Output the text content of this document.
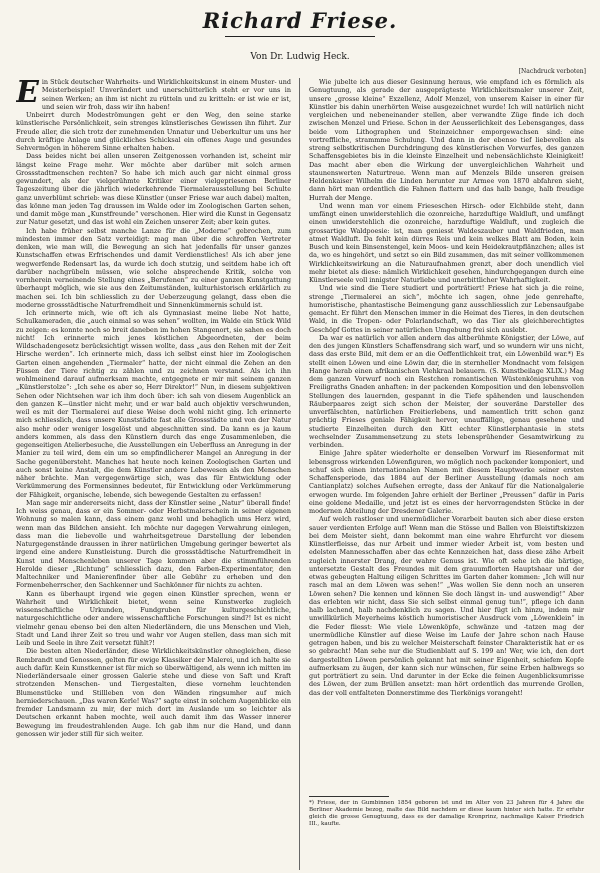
Richard Friese.
Von Dr. Ludwig Heck.
[Nachdruck verboten]

Ein Stück deutscher Wahrheits- und Wirklichkeitskunst in einem Muster- und Meisterbeispiel! Unverändert und unerschütterlich steht er vor uns in seinen Werken; an ihm ist nicht zu rütteln und zu kritteln: er ist wie er ist, und seien wir froh, dass wir ihn haben!

Unbeirrt durch Modeströmungen geht er den Weg, den seine starke künstlerische Persönlichkeit, sein strenges künstlerisches Gewissen ihn führt. Zur Freude aller, die sich trotz der zunehmenden Unnatur und Ueberkultur um uns her durch kräftige Anlage und glückliches Schicksal ein offenes Auge und gesundes Sehvermögen in höherem Sinne erhalten haben.

Dass beides nicht bei allen unseren Zeitgenossen vorhanden ist, scheint mir längst keine Frage mehr. Wer möchte aber darüber mit solch armen Grossstadtmenschen rechten? So habe ich mich auch gar nicht einmal gross gewundert, als der vielgerühmte Kritiker einer vielgepriesenen Berliner Tageszeitung über die jährlich wiederkehrende Tiermalerausstellung bei Schulte ganz unverblümt schrieb: was diese Künstler (unser Friese war auch dabei) malten, das könne man jeden Tag draussen im Walde oder im Zoologischen Garten sehen, und damit möge man „Kunstfreunde“ verschonen. Hier wird die Kunst in Gegensatz zur Natur gesetzt, und das ist wohl ein Zeichen unserer Zeit; aber kein gutes.

Ich habe früher selbst manche Lanze für die „Moderne“ gebrochen, zum mindesten immer den Satz verteidigt: mag man über die schroffen Vertreter denken, wie man will, die Bewegung an sich hat jedenfalls für unser ganzes Kunstschaffen etwas Erfrischendes und damit Verdienstliches! Als ich aber jene wegwerfende Redensart las, da wurde ich doch stutzig, und seitdem habe ich oft darüber nachgrübeln müssen, wie solche absprechende Kritik, solche von vornherein verneinende Stellung eines „Berufenen“ zu einer ganzen Kunstgattung überhaupt möglich, wie sie aus den Zeitumständen, kulturhistorisch erklärlich zu machen sei. Ich bin schliesslich zu der Ueberzeugung gelangt, dass eben die moderne grossstädtische Naturfremdheit und Sinnenkümmernis schuld ist.

Ich erinnerte mich, wie oft ich als Gymnasiast meine liebe Not hatte, Schulkameraden, die „auch einmal so was sehen“ wollten, im Walde ein Stück Wild zu zeigen: es konnte noch so breit daneben im hohen Stangenort, sie sahen es doch nicht! Ich erinnerte mich jenes köstlichen Abgeordneten, der beim Wildschadengesetz berücksichtigt wissen wollte, dass „aus den Rehen mit der Zeit Hirsche werden“. Ich erinnerte mich, dass ich selbst einst hier im Zoologischen Garten einen angehenden „Tiermaler“ hatte, der nicht einmal die Zehen an den Füssen der Tiere richtig zu zählen und zu zeichnen verstand. Als ich ihn wohlmeinend darauf aufmerksam machte, entgegnete er mir mit seinem ganzen „Künstlerstolze“: „Ich sehe es aber so, Herr Direktor!“ Nun, in diesem subjektiven Sehen oder Nichtsehen war ich ihm doch über: ich sah von diesem Augenblick an den ganzen K—ünstler nicht mehr, und er war bald auch objektiv verschwunden, weil es mit der Tiermalerei auf diese Weise doch wohl nicht ging. Ich erinnerte mich schliesslich, dass unsere Kunststädte fast alle Grossstädte und von der Natur also mehr oder weniger losgelöst und abgeschnitten sind. Da kann es ja kaum anders kommen, als dass den Künstlern durch das enge Zusammenleben, die gegenseitigen Atelierbesuche, die Ausstellungen ein Ueberfluss an Anregung in der Manier zu teil wird, dem ein um so empfindlicherer Mangel an Anregung in der Sache gegenübersteht. Manches hat heute noch keinen Zoologischen Garten und auch sonst keine Anstalt, die dem Künstler andere Lebewesen als den Menschen näher brächte. Man vergegenwärtige sich, was das für Entwicklung oder Verkümmerung des Formensinnes bedeutet, für Entwicklung oder Verkümmerung der Fähigkeit, organische, lebende, sich bewegende Gestalten zu erfassen!

Man sage mir andererseits nicht, dass der Künstler seine „Natur“ überall finde! Ich weiss genau, dass er ein Sommer- oder Herbstmalerschein in seiner eigenen Wohnung so malen kann, dass einem ganz wohl und behaglich ums Herz wird, wenn man das Bildchen ansieht. Ich möchte nur dagegen Verwahrung einlegen, dass man die liebevolle und wahrheitsgetreue Darstellung der lebenden Naturgegenstände draussen in ihrer natürlichen Umgebung geringer bewertet als irgend eine andere Kunstleistung. Durch die grossstädtische Naturfremdheit in Kunst und Menschenleben unserer Tage kommen aber die stimmführenden Herolde dieser „Richtung“ schliesslich dazu, den Farben-Experimentator, den Maltechniker und Manierenfinder über alle Gebühr zu erheben und den Formenbeherrscher, den Sachkenner und Sachkönner für nichts zu achten.

Kann es überhaupt irgend wie gegen einen Künstler sprechen, wenn er Wahrheit und Wirklichkeit bietet, wenn seine Kunstwerke zugleich wissenschaftliche Urkunden, Fundgruben für kulturgeschichtliche, naturgeschichtliche oder andere wissenschaftliche Forschungen sind?! Ist es nicht vielmehr genau ebenso bei den alten Niederländern, die uns Menschen und Vieh, Stadt und Land ihrer Zeit so treu und wahr vor Augen stellen, dass man sich mit Leib und Seele in ihre Zeit versetzt fühlt?!

Die besten alten Niederländer, diese Wirklichkeitskünstler ohnegleichen, diese Rembrandt und Genossen, gelten für ewige Klassiker der Malerei, und ich halte sie auch dafür. Kein Kunstkenner ist für mich so überwältigend, als wenn ich mitten im Niederländersaale einer grossen Galerie stehe und diese von Saft und Kraft strotzenden Menschen- und Tiergestalten, diese vornehm leuchtenden Blumenstücke und Stillleben von den Wänden ringsumher auf mich herniederschauen. „Das waren Kerle! Was?“ sagte einst in solchem Augenblicke ein fremder Landsmann zu mir, der mich dort im Auslande um so leichter als Deutschen erkannt haben mochte, weil auch damit ihm das Wasser innerer Bewegung im freudestrahlenden Auge. Ich gab ihm nur die Hand, und dann genossen wir jeder still für sich weiter.

Wie jubelte ich aus dieser Gesinnung heraus, wie empfand ich es förmlich als Genugtuung, als gerade der ausgeprägteste Wirklichkeitsmaler unserer Zeit, unsere „grosse kleine“ Exzellenz, Adolf Menzel, von unserem Kaiser in einer für Künstler bis dahin unerhörten Weise ausgezeichnet wurde! Ich will natürlich nicht vergleichen und nebeneinander stellen, aber verwandte Züge finde ich doch zwischen Menzel und Friese. Schon in der Aeusserlichkeit des Lebensganges, dass beide vom Lithographen und Steinzeichner emporgewachsen sind: eine vortreffliche, strammme Schulung. Und dann in der ebenso tief liebevollen als streng selbstkritischen Durchdringung des künstlerischen Vorwurfes, des ganzen Schaffensgebietes bis in die kleinste Einzelheit und nebensächlichste Kleinigkeit! Das macht aber eben die Wirkung der unvergleichlichen Wahrheit und staunenswerten Naturtreue. Wenn man auf Menzels Bilde unseren greisen Heldenkaiser Wilhelm die Linden herunter zur Armee von 1870 abfahren sieht, dann hört man ordentlich die Fahnen flattern und das halb bange, halb freudige Hurrah der Menge.

Und wenn man vor einem Frieseschen Hirsch- oder Elchbilde steht, dann umfängt einen unwiderstehlich die ozonreiche, harzduftige Waldluft, und umfängt einen unwiderstehlich die ozonreiche, harzduftige Waldluft, und zugleich die grossartige Waldpoesie: ist, man geniesst Waldeszauber und Waldfrieden, man atmet Waldluft. Da fehlt kein dürres Reis und kein welkes Blatt am Boden, kein Busch und kein Binsenstengel, kein Moos- und kein Heidekrautpflänzchen; alles ist da, wo es hingehört, und setzt so ein Bild zusammen, das mit seiner vollkommenen Wirklichkeitswirkung an die Naturaufnahmen grenzt, aber doch unendlich viel mehr bietet als diese: nämlich Wirklichkeit gesehen, hindurchgegangen durch eine Künstlerseele voll innigster Naturliebe und unerbittlicher Wahrhaftigkeit.

Und wie sind die Tiere studiert und porträtiert! Friese hat sich ja die reine, strenge „Tiermalerei an sich“, möchte ich sagen, ohne jede genrehafte, humoristische, phantastische Beimengung ganz ausschliesslich zur Lebensaufgabe gemacht. Er führt den Menschen immer in die Heimat des Tieres, in den deutschen Wald, in die Tropen- oder Polarlandschaft, wo das Tier als gleichberechtigtes Geschöpf Gottes in seiner natürlichen Umgebung frei sich auslebt.

Da war es natürlich vor allen andern das altberühmte Königstier, der Löwe, auf den des jungen Künstlers Schaffensdrang sich warf, und so wundern wir uns nicht, dass das erste Bild, mit dem er an die Oeffentlichkeit trat, ein Löwenbild war.*) Es stellt einen Löwen und eine Löwin dar, die in sternheller Mondnacht vom felsigen Hange herab einen afrikanischen Viehkraal belauern. (S. Kunstbeilage XLIX.) Mag dem ganzen Vorwurf noch ein Restchen romantischen Wüstenkönigsruhms von Freiligraths Gnaden anhaften: in der packenden Komposition und den lebensvollen Stellungen des lauernden, gespannt in die Tiefe spähenden und lauschenden Räuberpaares zeigt sich schon der Meister, der souveräne Darsteller des unverfälschten, natürlichen Freitierlebens, und namentlich tritt schon ganz prächtig Frieses geniale Fähigkeit hervor, unauffällige, genau gesehene und studierte Einzelheiten durch den Kitt echter Künstlerphantasie in stets wechselnder Zusammensetzung zu stets lebensprühender Gesamtwirkung zu verbinden.

Einige Jahre später wiederholte er denselben Vorwurf im Riesenformat mit lebensgross wirkenden Löwenfiguren, wo möglich noch packender komponiert, und schuf sich einen internationalen Namen mit diesem Hauptwerke seiner ersten Schaffensperiode, das 1884 auf der Berliner Ausstellung (damals noch am Cantianplatz) solches Aufsehen erregte, dass der Ankauf für die Nationalgalerie erwogen wurde. Im folgenden Jahre erhielt der Berliner „Preussen“ dafür in Paris eine goldene Medaille, und jetzt ist es eines der hervorragendsten Stücke in der modernen Abteilung der Dresdener Galerie.

Auf welch rastloser und unermüdlicher Vorarbeit bauten sich aber diese ersten sauer verdienten Erfolge auf! Wenn man die Stösse und Ballen von Bleistiftskizzen bei dem Meister sieht, dann bekommt man eine wahre Ehrfurcht vor diesem Künstlerfleisse, das nur Arbeit und immer wieder Arbeit ist, vom besten und edelsten Mannesschaffen aber das echte Kennzeichen hat, dass diese zähe Arbeit zugleich innerster Drang, der wahre Genuss ist. Wie oft sehe ich die bärtige, untersetzte Gestalt des Freundes mit dem grauumflorten Hauptshaar und der etwas gebeugten Haltung eiligen Schrittes im Garten daher kommen: „Ich will nur rasch mal an dem Löwen was sehen!“ „Was wollen Sie denn noch an unseren Löwen sehen? Die kennen und können Sie doch längst in- und auswendig!“ Aber das erlebten wir nicht, dass Sie sich selbst einmal genug tun!“, pflege ich dann halb lachend, halb nachdenklich zu sagen. Und hier fügt ich hinzu, indem mir unwillkürlich Meyerheims köstlich humoristischer Ausdruck vom „Löwenklein“ in die Feder fliesst: Wie viele Löwenköpfe, schwänze und -tatzen mag der unermüdliche Künstler auf diese Weise im Laufe der Jahre schon nach Hause getragen haben, und bis zu welcher Meisterschaft feinster Charakteristik hat er es so gebracht! Man sehe nur die Studienblatt auf S. 199 an! Wer, wie ich, den dort dargestellten Löwen persönlich gekannt hat mit seiner Eigenheit, schiefem Kopfe aufmerksam zu äugen, der kann sich nur wünschen, für seine Erben halbwegs so gut porträtiert zu sein. Und darunter in der Ecke die feinen Augenblicksumrisse des Löwen, der zum Brüllen ansetzt: man hört ordentlich das murrende Grollen, das der voll entfalteten Donnerstimme des Tierkönigs vorangeht!

*) Friese, der in Gumbinnen 1854 geboren ist und im Alter von 23 Jahren für 4 Jahre die Berliner Akademie bezog, malte das Bild nachdem er diese kaum hinter sich hatte. Er erfuhr gleich die grosse Genugtuung, dass es der damalige Kronprinz, nachmalige Kaiser Friedrich III., kaufte.
